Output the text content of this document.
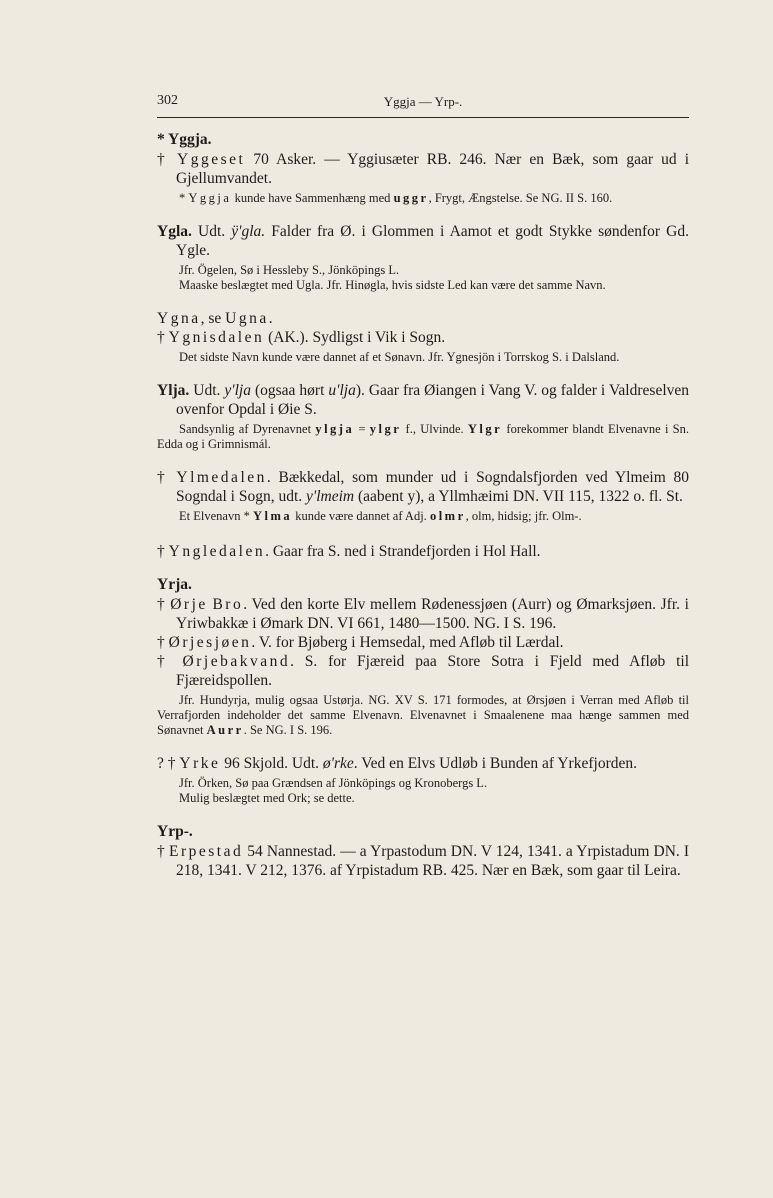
302	Yggja — Yrp-.
* Yggja.
† Yggeset 70 Asker. — Yggiusæter RB. 246. Nær en Bæk, som gaar ud i Gjellumvandet.
* Yggja kunde have Sammenhæng med uggr, Frygt, Ængstelse. Se NG. II S. 160.
Ygla. Udt. ÿ'gla. Falder fra Ø. i Glommen i Aamot et godt Stykke søndenfor Gd. Ygle.
Jfr. Ögelen, Sø i Hessleby S., Jönköpings L.
Maaske beslægtet med Ugla. Jfr. Hinøgla, hvis sidste Led kan være det samme Navn.
Ygna, se Ugna.
† Ygnisdalen (AK.). Sydligst i Vik i Sogn.
Det sidste Navn kunde være dannet af et Sønavn. Jfr. Ygnesjön i Torrskog S. i Dalsland.
Ylja. Udt. y'lja (ogsaa hørt u'lja). Gaar fra Øiangen i Vang V. og falder i Valdreselven ovenfor Opdal i Øie S.
Sandsynlig af Dyrenavnet ylgja = ylgr f., Ulvinde. Ylgr forekommer blandt Elvenavne i Sn. Edda og i Grimnismál.
† Ylmedalen. Bækkedal, som munder ud i Sogndalsfjorden ved Ylmeim 80 Sogndal i Sogn, udt. y'lmeim (aabent y), a Yllmhæimi DN. VII 115, 1322 o. fl. St.
Et Elvenavn * Ylma kunde være dannet af Adj. olmr, olm, hidsig; jfr. Olm-.
† Yngledalen. Gaar fra S. ned i Strandefjorden i Hol Hall.
Yrja.
† Ørje Bro. Ved den korte Elv mellem Rødenessjøen (Aurr) og Ømarksjøen. Jfr. i Yriwbakkæ i Ømark DN. VI 661, 1480—1500. NG. I S. 196.
† Ørjesjøen. V. for Bjøberg i Hemsedal, med Afløb til Lærdal.
† Ørjebakvand. S. for Fjæreid paa Store Sotra i Fjeld med Afløb til Fjæreidspollen.
Jfr. Hundyrja, mulig ogsaa Ustørja. NG. XV S. 171 formodes, at Ørsjøen i Verran med Afløb til Verrafjorden indeholder det samme Elvenavn. Elvenavnet i Smaalenene maa hænge sammen med Sønavnet Aurr. Se NG. I S. 196.
? † Yrke 96 Skjold. Udt. ø'rke. Ved en Elvs Udløb i Bunden af Yrkefjorden.
Jfr. Örken, Sø paa Grændsen af Jönköpings og Kronobergs L.
Mulig beslægtet med Ork; se dette.
Yrp-.
† Erpestad 54 Nannestad. — a Yrpastodum DN. V 124, 1341. a Yrpistadum DN. I 218, 1341. V 212, 1376. af Yrpistadum RB. 425. Nær en Bæk, som gaar til Leira.
